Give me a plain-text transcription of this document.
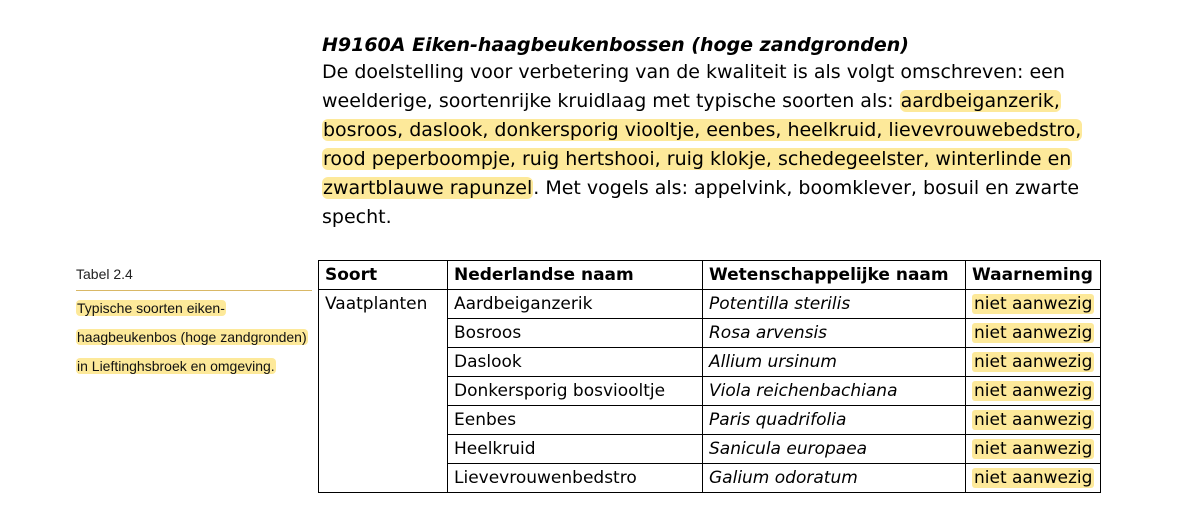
H9160A Eiken-haagbeukenbossen (hoge zandgronden)

De doelstelling voor verbetering van de kwaliteit is als volgt omschreven: een weelderige, soortenrijke kruidlaag met typische soorten als: aardbeiganzerik, bosroos, daslook, donkersporig viooltje, eenbes, heelkruid, lievevrouwebedstro, rood peperboompje, ruig hertshooi, ruig klokje, schedegeelster, winterlinde en zwartblauwe rapunzel. Met vogels als: appelvink, boomklever, bosuil en zwarte specht.

Tabel 2.4
Typische soorten eiken-haagbeukenbos (hoge zandgronden) in Lieftinghsbroek en omgeving.
Soort	Nederlandse naam	Wetenschappelijke naam	Waarneming
Vaatplanten	Aardbeiganzerik	Potentilla sterilis	niet aanwezig
	Bosroos	Rosa arvensis	niet aanwezig
	Daslook	Allium ursinum	niet aanwezig
	Donkersporig bosviooltje	Viola reichenbachiana	niet aanwezig
	Eenbes	Paris quadrifolia	niet aanwezig
	Heelkruid	Sanicula europaea	niet aanwezig
	Lievevrouwenbedstro	Galium odoratum	niet aanwezig
